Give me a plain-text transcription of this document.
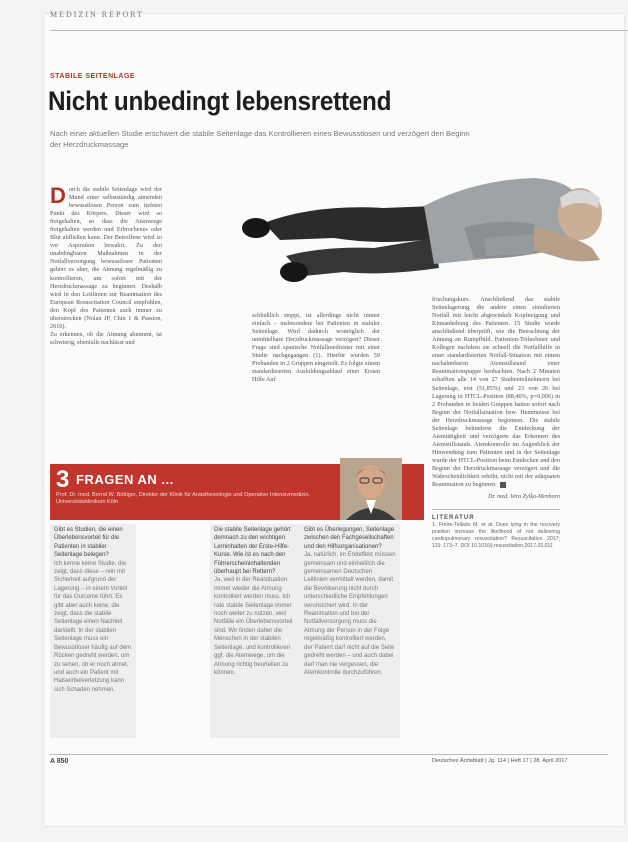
MEDIZIN REPORT
STABILE SEITENLAGE
Nicht unbedingt lebensrettend
Nach einer aktuellen Studie erschwert die stabile Seitenlage das Kontrollieren eines Bewusstlosen und verzögert den Beginn der Herzdruckmassage
D urch die stabile Seitenlage wird der Mund einer selbstständig atmenden bewusstlosen Person zum tiefsten Punkt des Körpers. Dieser wird so freigehalten, so dass die Atemwege freigehalten werden und Erbrochenes oder Blut abfließen kann. Der Betroffene wird so vor Aspiration bewahrt. Zu den unabdingbaren Maßnahmen in der Notfallversorgung bewusstloser Patienten gehört es aber, die Atmung regelmäßig zu kontrollieren, um sofort mit der Herzdruckmassage zu beginnen. Deshalb wird in den Leitlinien zur Reanimation des European Resuscitation Council empfohlen, den Kopf des Patienten auch immer zu überstrecken (Nolan JP, Chin 1 & Passion, 2010).
Zu erkennen, ob die Atmung abnimmt, ist schwierig, ebenfalls nachlässt und
schließlich stoppt, ist allerdings nicht immer einfach – insbesondere bei Patienten in stabiler Seitenlage. Wird dadurch womöglich der unmittelbare Herzdruckmassage verzögert? Dieser Frage sind spanische Notfallmediziner mit einer Studie nachgegangen (1). Hierfür wurden 59 Probanden in 2 Gruppen eingeteilt. Es folgte einem standardisierten Ausbildungsablauf einer Ersten Hilfe Auf
frischungskurs. Anschließend das stabile Seitenlagerung, die andere einen simulierten Notfall mit leicht abgewinkelt Kopfneigung und Kinnanhebung des Patienten. 15 Studie wurde anschließend überprüft, wie die Betrachtung der Atmung an Rumpfbild. Patienten-Teilnehmer und Kollegen nachdem sie schnell die Notfallhilfe in einer standardisierten Notfall-Situation mit einem nachahmbaren Atemstillstand einer Reanimationspuppe beobachten. Nach 2 Minuten schafften alle 14 von 27 Studienteilnehmern bei Seitenlage, erst (51,85%) und 23 von 26 bei Lagerung in HTCL-Position (88,46%, p=0,006) in 2 Probanden in beiden Gruppen hatten sofort nach Beginn der Notfallsituation bzw. Hemmnisse bei der Herzdruckmassage begonnen. Die stabile Seitenlage behinderte die Entdeckung der Atemtätigkeit und verzögerte das Erkennen des Atemstillstands. Atemkontrolle im Augenblick der Hinwendung zum Patienten und in der Seitenlage wurde der HTCL-Position beim Entdecken und den Beginn der Herzdruckmassage verzögert und die Wahrscheinlichkeit erhöht, nicht mit der adäquaten Reanimation zu beginnen.
Dr. med. Vera Zylka-Menhorn
LITERATUR
1. Freire-Tellado M, et al: Does lying in the recovery position increase the likelihood of not delivering cardiopulmonary resuscitation? Resuscitation 2017; 115: 173–7. DOI 10.1016/j.resuscitation.2017.03.011
3 FRAGEN AN ...
Prof. Dr. med. Bernd W. Böttiger, Direktor der Klinik für Anästhesiologie und Operative Intensivmedizin, Universitätsklinikum Köln
Gibt es Studien, die einen Überlebensvorteil für die Patienten in stabiler Seitenlage belegen?
Ich kenne keine Studie, die zeigt, dass diese – rein mit Sicherheit aufgrund der Lagerung – in einem Vorteil für das Outcome führt. Es gibt aber auch keine, die zeigt, dass die stabile Seitenlage einen Nachteil darstellt. In der stabilen Seitenlage muss ein Bewusstloser häufig auf dem Rücken gedreht werden, um zu sehen, ob er noch atmet, und auch ein Patient mit Halswirbelverletzung kann sich Schaden nehmen.
Die stabile Seitenlage gehört demnach zu den wichtigen Lerninhalten der Erste-Hilfe-Kurse. Wie ist es nach den Führerscheininhaltenden überhaupt bei Rettern?
Ja, weil in der Realsituation immer wieder die Atmung kontrolliert werden muss. Ich rate stabile Seitenlage immer noch weiter zu nutzen, weil Notfälle ein Überlebensvorteil sind. Wir finden daher die Menschen in der stabilen Seitenlage, und kontrollieren ggf. die Atemwege, um die Atmung richtig beurteilen zu können.
Gibt es Überlegungen, Seitenlage zwischen den Fachgesellschaften und den Hilfsorganisationen?
Ja, natürlich, im Endeffekt müssen gemeinsam und einheitlich die gemeinsamen Deutschen Leitlinien vermittelt werden, damit die Bevölkerung nicht durch unterschiedliche Empfehlungen verunsichert wird. In der Reanimation und bei der Notfallversorgung muss die Atmung der Person in der Folge regelmäßig kontrolliert werden, der Patient darf nicht auf die Seite gedreht werden – und auch dabei darf man nie vergessen, die Atemkontrolle durchzuführen.
A 850	Deutsches Ärzteblatt | Jg. 114 | Heft 17 | 28. April 2017
